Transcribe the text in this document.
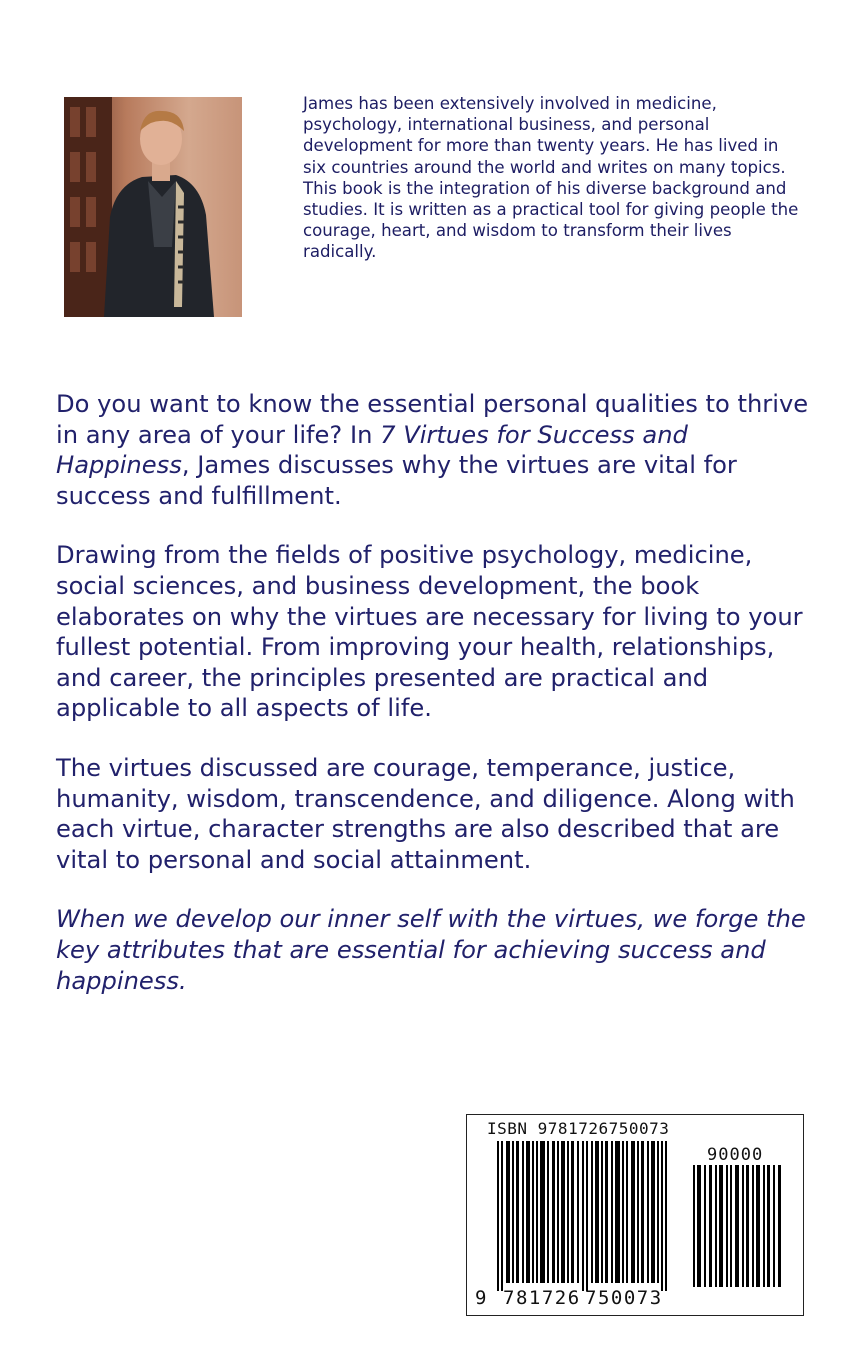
James has been extensively involved in medicine, psychology, international business, and personal development for more than twenty years. He has lived in six countries around the world and writes on many topics. This book is the integration of his diverse background and studies. It is written as a practical tool for giving people the courage, heart, and wisdom to transform their lives radically.

Do you want to know the essential personal qualities to thrive in any area of your life? In 7 Virtues for Success and Happiness, James discusses why the virtues are vital for success and fulfillment.

Drawing from the fields of positive psychology, medicine, social sciences, and business development, the book elaborates on why the virtues are necessary for living to your fullest potential. From improving your health, relationships, and career, the principles presented are practical and applicable to all aspects of life.

The virtues discussed are courage, temperance, justice, humanity, wisdom, transcendence, and diligence. Along with each virtue, character strengths are also described that are vital to personal and social attainment.

When we develop our inner self with the virtues, we forge the key attributes that are essential for achieving success and happiness.

ISBN 9781726750073
90000
9 781726 750073
